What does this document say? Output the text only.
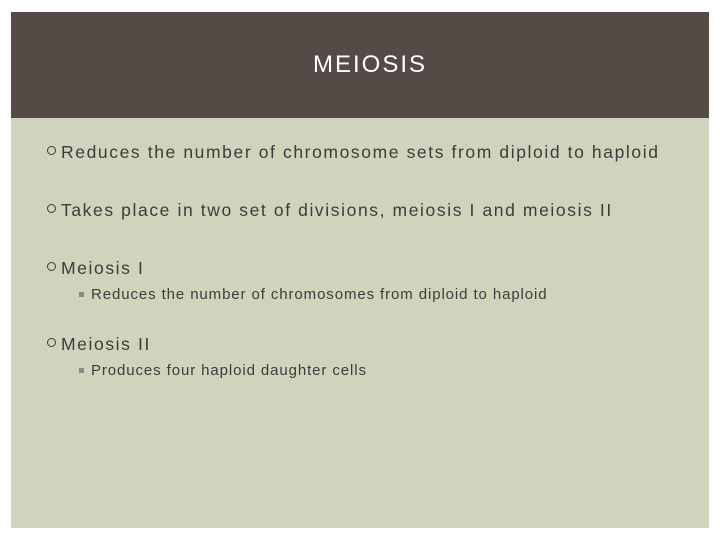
MEIOSIS
Reduces the number of chromosome sets from diploid to haploid
Takes place in two set of divisions, meiosis I and meiosis II
Meiosis I
Reduces the number of chromosomes from diploid to haploid
Meiosis II
Produces four haploid daughter cells
